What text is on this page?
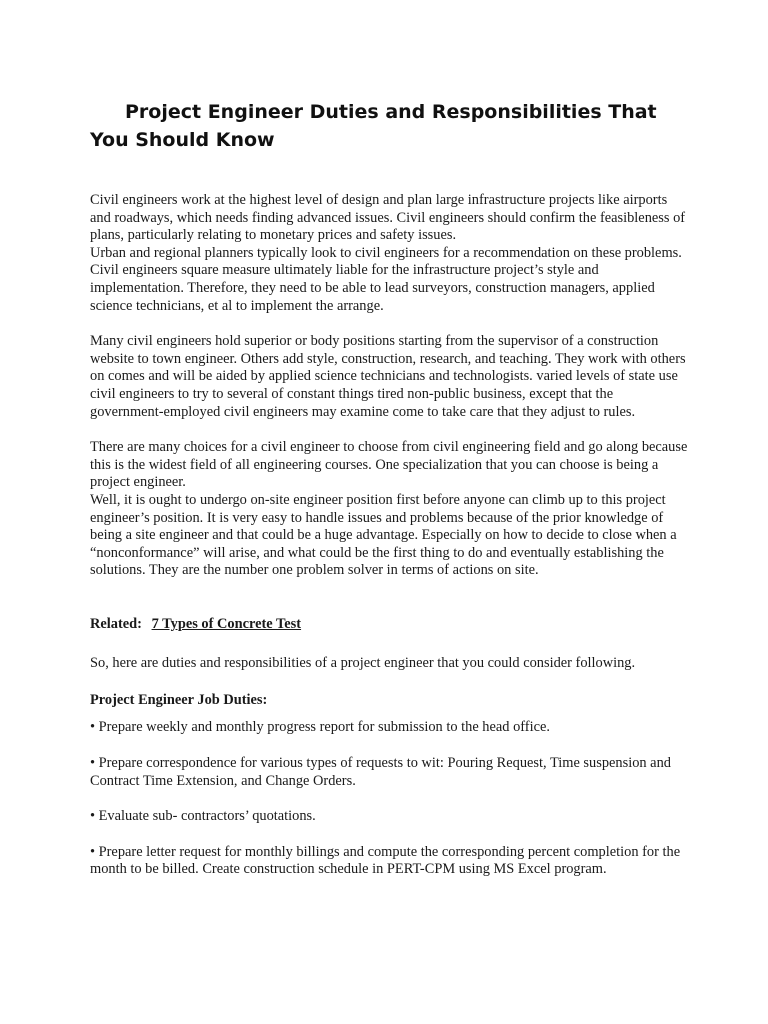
Project Engineer Duties and Responsibilities That You Should Know

Civil engineers work at the highest level of design and plan large infrastructure projects like airports and roadways, which needs finding advanced issues. Civil engineers should confirm the feasibleness of plans, particularly relating to monetary prices and safety issues.

Urban and regional planners typically look to civil engineers for a recommendation on these problems. Civil engineers square measure ultimately liable for the infrastructure project’s style and implementation. Therefore, they need to be able to lead surveyors, construction managers, applied science technicians, et al to implement the arrange.

Many civil engineers hold superior or body positions starting from the supervisor of a construction website to town engineer. Others add style, construction, research, and teaching. They work with others on comes and will be aided by applied science technicians and technologists. varied levels of state use civil engineers to try to several of constant things tired non-public business, except that the government-employed civil engineers may examine come to take care that they adjust to rules.

There are many choices for a civil engineer to choose from civil engineering field and go along because this is the widest field of all engineering courses. One specialization that you can choose is being a project engineer.

Well, it is ought to undergo on-site engineer position first before anyone can climb up to this project engineer’s position. It is very easy to handle issues and problems because of the prior knowledge of being a site engineer and that could be a huge advantage. Especially on how to decide to close when a “nonconformance” will arise, and what could be the first thing to do and eventually establishing the solutions. They are the number one problem solver in terms of actions on site.

Related: 7 Types of Concrete Test

So, here are duties and responsibilities of a project engineer that you could consider following.

Project Engineer Job Duties:

• Prepare weekly and monthly progress report for submission to the head office.

• Prepare correspondence for various types of requests to wit: Pouring Request, Time suspension and Contract Time Extension, and Change Orders.

• Evaluate sub- contractors’ quotations.

• Prepare letter request for monthly billings and compute the corresponding percent completion for the month to be billed. Create construction schedule in PERT-CPM using MS Excel program.
